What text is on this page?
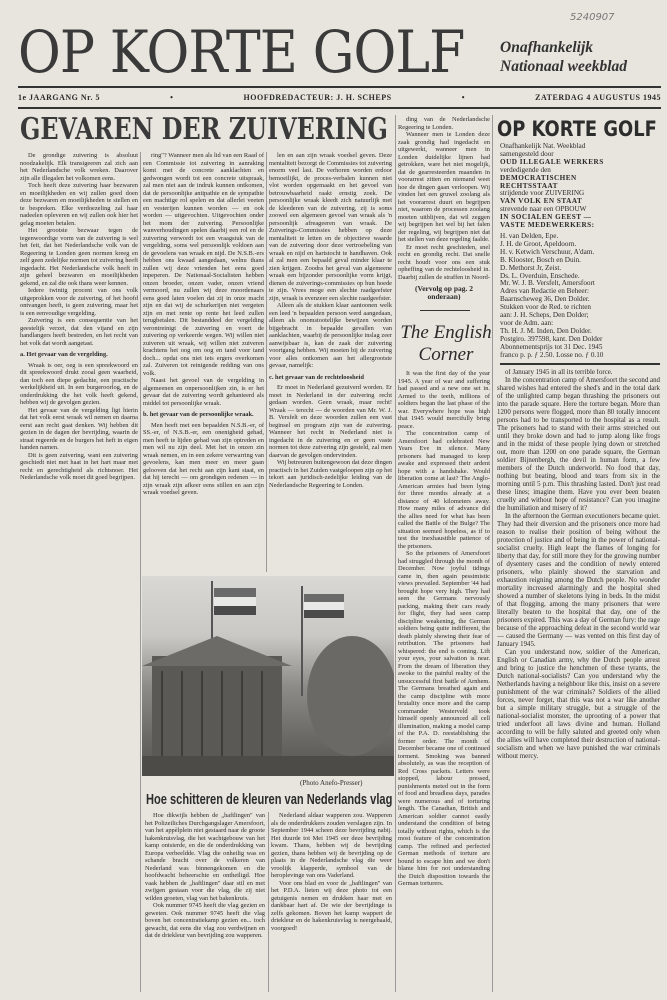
5240907
OP KORTE GOLF Onafhankelijk
Nationaal weekblad
1e JAARGANG Nr. 5	•	HOOFDREDACTEUR: J. H. SCHEPS	•	ZATERDAG 4 AUGUSTUS 1945
GEVAREN DER ZUIVERING

De grondige zuivering is absoluut noodzakelijk. Elk transigeeren zal zich aan het Nederlandsche volk wreken. Daarover zijn alle illegalen het volkomen eens.

Toch heeft deze zuivering haar bezwaren en moeilijkheden en wij zullen goed doen deze bezwaren en moeilijkheden te stellen en te bespreken. Elke verdoezeling zal haar nadeelen opleveren en wij zullen ook hier het gelag moeten betalen.

Het grootste bezwaar tegen de tegenwoordige vorm van de zuivering is wel het feit, dat het Nederlandsche volk van de Regeering te Londen geen normen kreeg en zelf geen zedelijke normen tot zuivering heeft ingedacht. Het Nederlandsche volk heeft in zijn geheel bezwaren en moeilijkheden gekend, en zal die ook thans weer kennen.

Iedere twintig procent van ons volk uitgeprokken voor de zuivering, of het hoofd ontvangen heeft, is geen zuivering, maar het is een eenvoudige vergelding.

Zuivering is een consequentie van het geestelijk verzet, dat den vijand en zijn handlangers heeft bestreden, en het recht van het volk dat wordt aangetast.

a. Het gevaar van de vergelding.

Wraak is oer, oeg is een spreekwoord en dit spreekwoord drukt zooal geen waarheid, dan toch een diepe gedachte, een practische werkelijkheid uit. In een burgeroorlog, en de onderdrukking die het volk heeft gekend, hebben wij de gevolgen gezien.

Het gevaar van de vergelding ligt hierin dat het volk eerst wraak wil nemen en daarna eerst aan recht gaat denken. Wij hebben dit gezien in de dagen der bevrijding, waarin de straat regeerde en de burgers het heft in eigen handen namen.

Dit is geen zuivering, want een zuivering geschiedt niet met haat in het hart maar met recht en gerechtigheid als richtsnoer. Het Nederlandsche volk moet dit goed begrijpen.

ring"? Wanneer men als lid van een Raad of een Commissie tot zuivering in aanraking komt met de concrete aanklachten en gedwongen wordt tot een concrete uitspraak, zal men niet aan de indruk kunnen ontkomen, dat de persoonlijke antipathie en de sympathie een machtige rol spelen en dat allerlei veeten en vesterijen kunnen worden — en ook worden — uitgevochten. Uitgevochten onder het mom der zuivering. Persoonlijke wanverhoudingen spelen daarbij een rol en de zuivering verwordt tot een vraagstuk van de vergelding, soms wel persoonlijk voldoen aan de gevoelens van wraak en nijd. De N.S.B.-ers hebben ons kwaad aangedaan, welnu thans zullen wij deze vrienden het eens goed inpeperen. De Nationaal-Socialisten hebben onzen broeder, onzen vader, onzen vriend vermoord, nu zullen wij deze moordenaars eens goed laten voelen dat zij in onze macht zijn en dat wij de schurkerijen niet vergeten zijn en met rente op rente het leed zullen terugbetalen. Dit bestanddeel der vergelding verontreinigt de zuivering en voert de zuivering op verkeerde wegen. Wij willen niet zuiveren uit wraak, wij willen niet zuiveren krachtens het oog om oog en tand voor tand doch... opdat ons niet iets ergers overkomen zal. Zuiveren tot reinigende redding van ons volk.

Naast het gevoel van de vergelding in algemeenen en onpersoonlijken zin, is er het gevaar dat de zuivering wordt gehanteerd als middel tot persoonlijke wraak.

b. het gevaar van de persoonlijke wraak.

Men heeft met een bepaalden N.S.B.-er, of SS.-er, of N.S.B.-er, een onenigheid gehad, men heeft te lijden gehad van zijn optreden en men wil nu zijn deel. Met het in onzen zin wraak nemen, en in een zekere verwarring van gevoelens, kan men meer en meer gaan gelooven dat het recht aan zijn kant staat, en dat hij terecht — om grondigen redenen — in zijn wraak zijn afkeer eens stillen en aan zijn wraak voedsel geven.

len en aan zijn wraak voedsel geven. Deze mentaliteit bezorgt de Commissies tot zuivering enorm veel last. De verhoren worden erdoor bemoeilijkt, de proces-verbalen kunnen niet vlot worden opgemaakt en het gevoel van betrouwbaarheid raakt ernstig zoek. De persoonlijke wraak kleedt zich natuurlijk met de kleederen van de zuivering, zij is soms zoowel een algemeen gevoel van wraak als 'n persoonlijk afreageeren van wraak. De Zuiverings-Commissies hebben op deze mentaliteit te letten en de objectieve waarde van de zuivering door deze vertroebeling van wraak en nijd en hartstocht te handhaven. Ook al zal men een bepaald geval minder klaar te zien krijgen. Zoodra het geval van algemeene wraak een bijzonder persoonlijke vorm krijgt, dienen de zuiverings-commissies op hun hoede te zijn. Vrees moge een slechte raadgeefster zijn, wraak is evenzeer een slechte raadgeefster.

Alleen als de stukken klaar aantoonen welk een leed 'n bepaalden persoon werd aangedaan, alleen als onomstootelijke bewijzen worden bijgebracht in bepaalde gevallen van aanklachten, waarbij de persoonlijke inslag zeer aanwijsbaar is, kan de zaak der zuivering voortgang hebben. Wij moeten bij de zuivering voor alles ontkomen aan het allergrootste gevaar, namelijk:

c. het gevaar van de rechteloosheid

Er moet in Nederland gezuiverd worden. Er moet in Nederland in der zuivering recht gedaan worden. Geen wraak, maar recht! Wraak — terecht — de woorden van Mr. W. J. B. Versfelt en deze woorden zullen een vast beginsel en program zijn van de zuivering. Wanneer het recht in Nederland niet is ingedacht in de zuivering en er geen vaste normen tot deze zuivering zijn gesteld, zal men daarvan de gevolgen ondervinden.

Wij betreuren buitengewoon dat deze dingen practisch in het Zuiden vastgeloopen zijn op het tekort aan juridisch-zedelijke leiding van de Nederlandsche Regeering te Londen.

ding van de Nederlandsche Regeering te Londen.

Wanneer men te Londen deze zaak grondig had ingedacht en uitgewerkt, wanneer men in Londen duidelijke lijnen had getrokken, ware het niet mogelijk, dat de gearresteerden maanden in voorarrest zitten en niemand weet hoe de dingen gaan verloopen. Wij vinden het een gruwel zoolang als het voorarrest duurt en begrijpen niet, waarom de processen zoolang moeten uitblijven, dat wil zeggen wij begrijpen het wel bij het falen der regeling, wij begrijpen niet dat het stellen van deze regeling faalde.

Er moet recht geschieden, snel recht en grondig recht. Dat snelle recht houdt voor ons een stuk opheffing van de rechteloosheid in. Daarbij zullen de straffen in Noord-

(Vervolg op pag. 2 onderaan)
OP KORTE GOLF
Onafhankelijk Nat. Weekblad
samengesteld door
OUD ILLEGALE WERKERS
verdedigende den
DEMOCRATISCHEN
RECHTSSTAAT
strijdende voor ZUIVERING
VAN VOLK EN STAAT
strevende naar een OPBOUW
IN SOCIALEN GEEST —
VASTE MEDEWERKERS:
H. van Delden, Epe.
J. H. de Groot, Apeldoorn.
H. v. Ketwich Verschuur, A'dam.
B. Klooster, Bosch en Duin.
D. Methorst Jr, Zeist.
Ds. L. Overduin, Enschede.
Mr. W. J. B. Versfelt, Amersfoort
Adres van Redactie en Beheer:
Baarnscheweg 36, Den Dolder.
Stukken voor de Red. te richten
aan: J. H. Scheps, Den Dolder;
voor de Adm. aan:
Th. H. J. M. Inden, Den Dolder.
Postgiro. 397598, kant. Den Dolder
Abonnementsprijs tot 31 Dec. 1945
franco p. p. ƒ 2.50. Losse no. ƒ 0.10
The English
Corner

It was the first day of the year 1945. A year of war and suffering had passed and a new one set in. Armed to the teeth, millions of soldiers began the last phase of the war. Everywhere hope was high that 1945 would mercifully bring peace.

The concentration camp of Amersfoort had celebrated New Years Eve in silence. Many prisoners had managed to keep awake and expressed their ardent hope with a handshake. Would liberation come at last? The Anglo-American armies had been lying for three months already at a distance of 40 kilometers away. How many miles of advance did the allies need for what has been called the Battle of the Bulge? The situation seemed hopeless, as if to test the inexhaustible patience of the prisoners.

So the prisoners of Amersfoort had struggled through the month of December. Now joyful tidings came in, then again pessimistic views prevailed. September '44 had brought hope very high. They had seen the Germans nervously packing, making their cars ready for flight, they had seen camp discipline weakening, the German soldiers being quite indifferent, the death plainly showing their fear of retribution. The prisoners had whispered: the end is coming. Lift your eyes, your salvation is near. From the dream of liberation they awoke to the painful reality of the unsuccessful first battle of Arnhem. The Germans breathed again and the camp discipline with more brutality once more and the camp commander Westerveld took himself openly announced all cell illumination, making a model camp of the P.A. D. reestablishing the former order. The month of December became one of continued torment. Smoking was banned absolutely, as was the reception of Red Cross packets. Letters were stopped, labour pressed, punishments meted out in the form of food and breadless days, parades were numerous and of torturing length. The Canadian, British and American soldier cannot easily understand the condition of being totally without rights, which is the most feature of the concentration camp. The refined and perfected German methods of torture are bound to escape him and we don't blame him for not understanding the Dutch disposition towards the German torturers.

of January 1945 in all its terrible force.

In the concentration camp of Amersfoort the second and shared wishes had entered the shed's and in the total dark of the unlighted camp began thrashing the prisoners out into the parade square. Here the torture began. More than 1200 persons were flogged, more than 80 totally innocent persons had to be transported to the hospital as a result. The prisoners had to stand with their arms stretched out until they broke down and had to jump along like frogs and in the midst of these people lying down or stretched out, more than 1200 on one parade square, the German soldier Bijnenbergh, the devil in human form, a few members of the Dutch underworld. No food that day, nothing but beating, blood and tears from six in the morning until 5 p.m. This thrashing lasted. Don't just read these lines; imagine them. Have you ever been beaten cruelly and without hope of resistance? Can you imagine the humiliation and misery of it?

In the afternoon the German executioners became quiet. They had their diversion and the prisoners once more had reason to realise their position of being without the protection of justice and of being in the power of national-socialist cruelty. High leapt the flames of longing for liberty that day, for still more they for the growing number of dysentery cases and the condition of newly entered prisoners, who plainly showed the starvation and exhaustion reigning among the Dutch people. No wonder mortality increased alarmingly and the hospital shed showed a number of skeletons lying in beds. In the midst of that flogging, among the many prisoners that were literally beaten to the hospital that day, one of the prisoners expired. This was a day of German fury: the rage because of the approaching defeat in the second world war — caused the Germany — was vented on this first day of January 1945.

Can you understand now, soldier of the American, English or Canadian army, why the Dutch people arrest and bring to justice the henchmen of these tyrants, the Dutch national-socialists? Can you understand why the Netherlands having a neighbour like this, insist on a severe punishment of the war criminals? Soldiers of the allied forces, never forget, that this was not a war like another but a simple military struggle, but a struggle of the national-socialist monster, the uprooting of a power that tried underfoot all laws divine and human. Holland according to will be fully saluted and greeted only when the allies will have completed their destruction of national-socialism and when we have punished the war criminals without mercy.

(Photo Anefo-Presser)
Hoe schitteren de kleuren van Nederlands vlag

Hoe dikwijls hebben de „haftlingen" van het Polizeiliches Durchgangslager Amersfoort, van het appèlplein niet gestaard naar de groote hakenkruisvlag, die het wachtgebouw van het kamp ontsierde, en die de onderdrukking van Europa verbeeldde. Vlag die onheilig was en schande bracht over de volkeren van Nederland was binnengekomen en die hoofdwacht beheerschte en ontheiligd. Hoe vaak hebben de „haftlingen" daar stil en met zwijgen gestaan voor die vlag, die zij niet wilden groeten, vlag van het bakenkruis.

Ook nummer 9745 heeft die vlag gezien en geweten. Ook nummer 9745 heeft die vlag boven het concentratiekamp gezien en... toch gewacht, dat eens die vlag zou verdwijnen en dat de driekleur van bevrijding zou wapperen.

Nederland aldaar wapperen zou. Wapperen als de onderdrukkers zouden verslagen zijn. In September 1944 scheen deze bevrijding nabij. Het duurde tot Mei 1945 eer deze bevrijding kwam. Thans, hebben wij de bevrijding gezien, thans hebben wij de bevrijding op de plaats in de Nederlandsche vlag die weer vroolijk klapperde, symbool van de heroplevinge van ons Vaderland.

Voor ons blad en voor de „haftlingen" van het P.D.A. lieten wij deze photo tot een getuigenis nemen en drukken haar met en dankbaar hart af. De wie der bevrijdinge is zelfs gekomen. Boven het kamp wappert de driekleur en de hakenkruisvlag is neergehaald, voorgoed!
